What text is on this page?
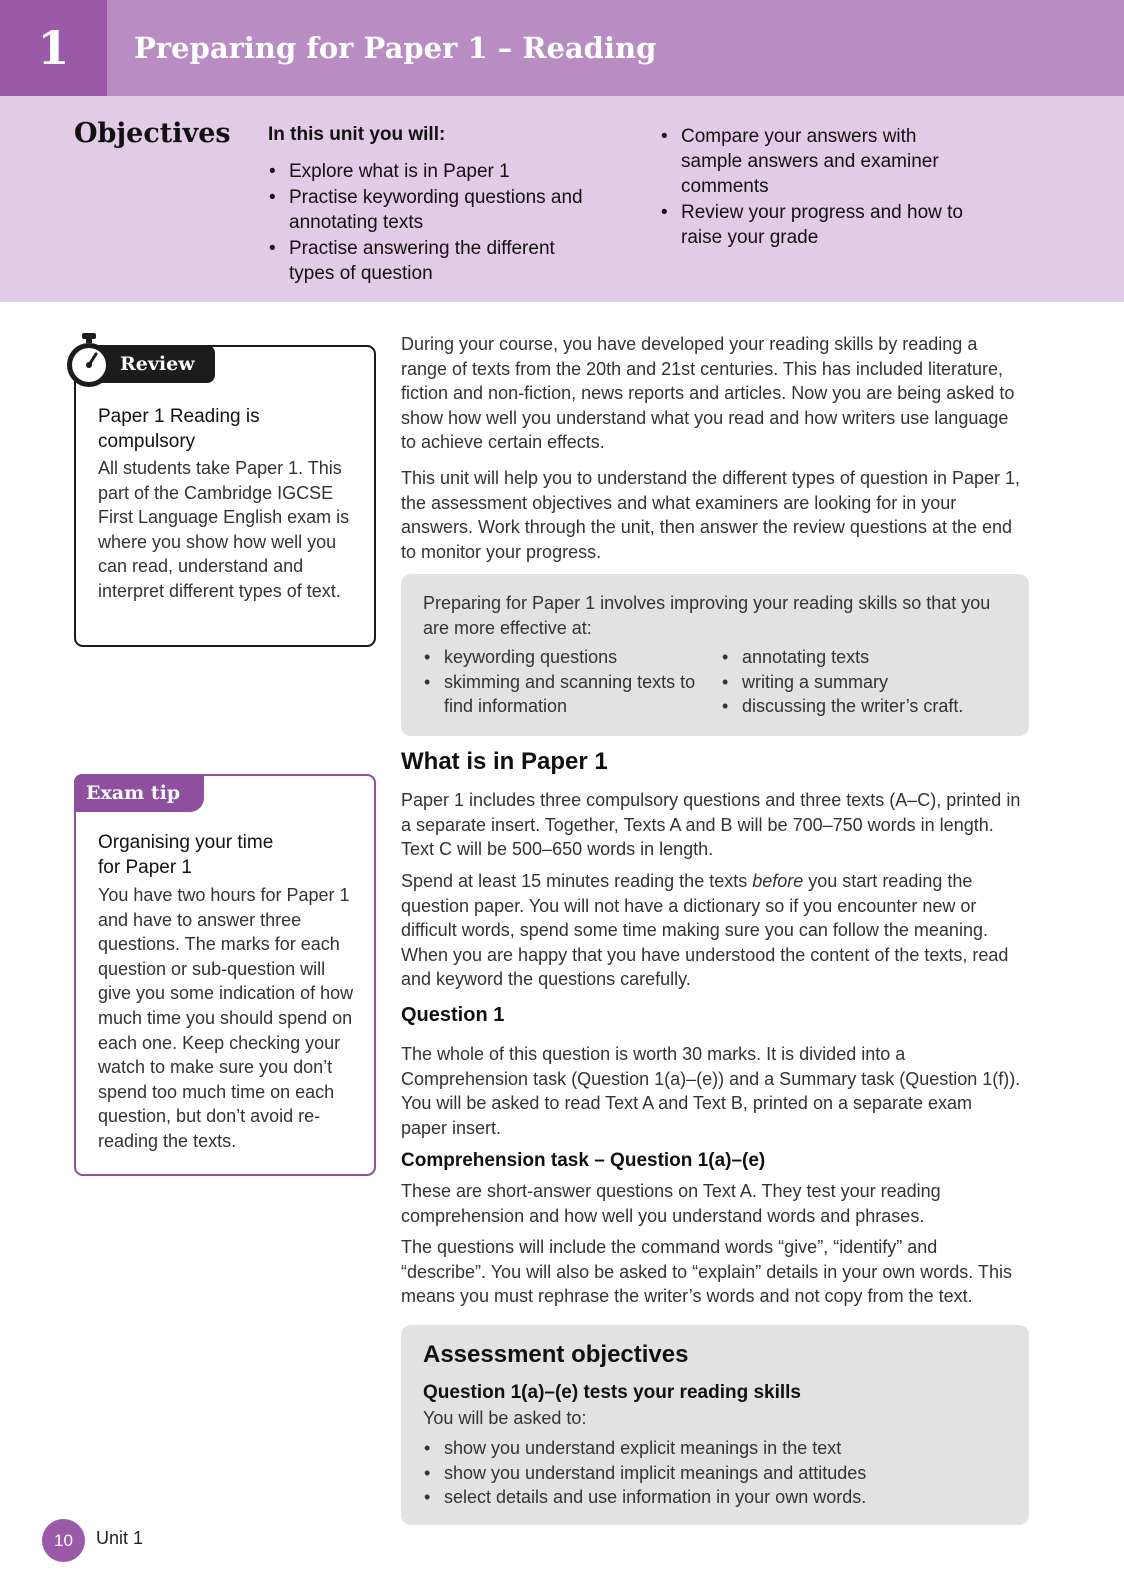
1	Preparing for Paper 1 – Reading
Objectives In this unit you will:
• Explore what is in Paper 1
• Practise keywording questions and annotating texts
• Practise answering the different types of question
• Compare your answers with sample answers and examiner comments
• Review your progress and how to raise your grade
Review
Paper 1 Reading is compulsory
All students take Paper 1. This part of the Cambridge IGCSE First Language English exam is where you show how well you can read, understand and interpret different types of text.
Exam tip
Organising your time for Paper 1
You have two hours for Paper 1 and have to answer three questions. The marks for each question or sub-question will give you some indication of how much time you should spend on each one. Keep checking your watch to make sure you don’t spend too much time on each question, but don’t avoid re-reading the texts.
During your course, you have developed your reading skills by reading a range of texts from the 20th and 21st centuries. This has included literature, fiction and non-fiction, news reports and articles. Now you are being asked to show how well you understand what you read and how writers use language to achieve certain effects.
This unit will help you to understand the different types of question in Paper 1, the assessment objectives and what examiners are looking for in your answers. Work through the unit, then answer the review questions at the end to monitor your progress.
Preparing for Paper 1 involves improving your reading skills so that you are more effective at:
• keywording questions
• skimming and scanning texts to find information
• annotating texts
• writing a summary
• discussing the writer’s craft.
What is in Paper 1
Paper 1 includes three compulsory questions and three texts (A–C), printed in a separate insert. Together, Texts A and B will be 700–750 words in length. Text C will be 500–650 words in length.
Spend at least 15 minutes reading the texts before you start reading the question paper. You will not have a dictionary so if you encounter new or difficult words, spend some time making sure you can follow the meaning. When you are happy that you have understood the content of the texts, read and keyword the questions carefully.
Question 1
The whole of this question is worth 30 marks. It is divided into a Comprehension task (Question 1(a)–(e)) and a Summary task (Question 1(f)). You will be asked to read Text A and Text B, printed on a separate exam paper insert.
Comprehension task – Question 1(a)–(e)
These are short-answer questions on Text A. They test your reading comprehension and how well you understand words and phrases.
The questions will include the command words “give”, “identify” and “describe”. You will also be asked to “explain” details in your own words. This means you must rephrase the writer’s words and not copy from the text.
Assessment objectives
Question 1(a)–(e) tests your reading skills
You will be asked to:
• show you understand explicit meanings in the text
• show you understand implicit meanings and attitudes
• select details and use information in your own words.
10	Unit 1
